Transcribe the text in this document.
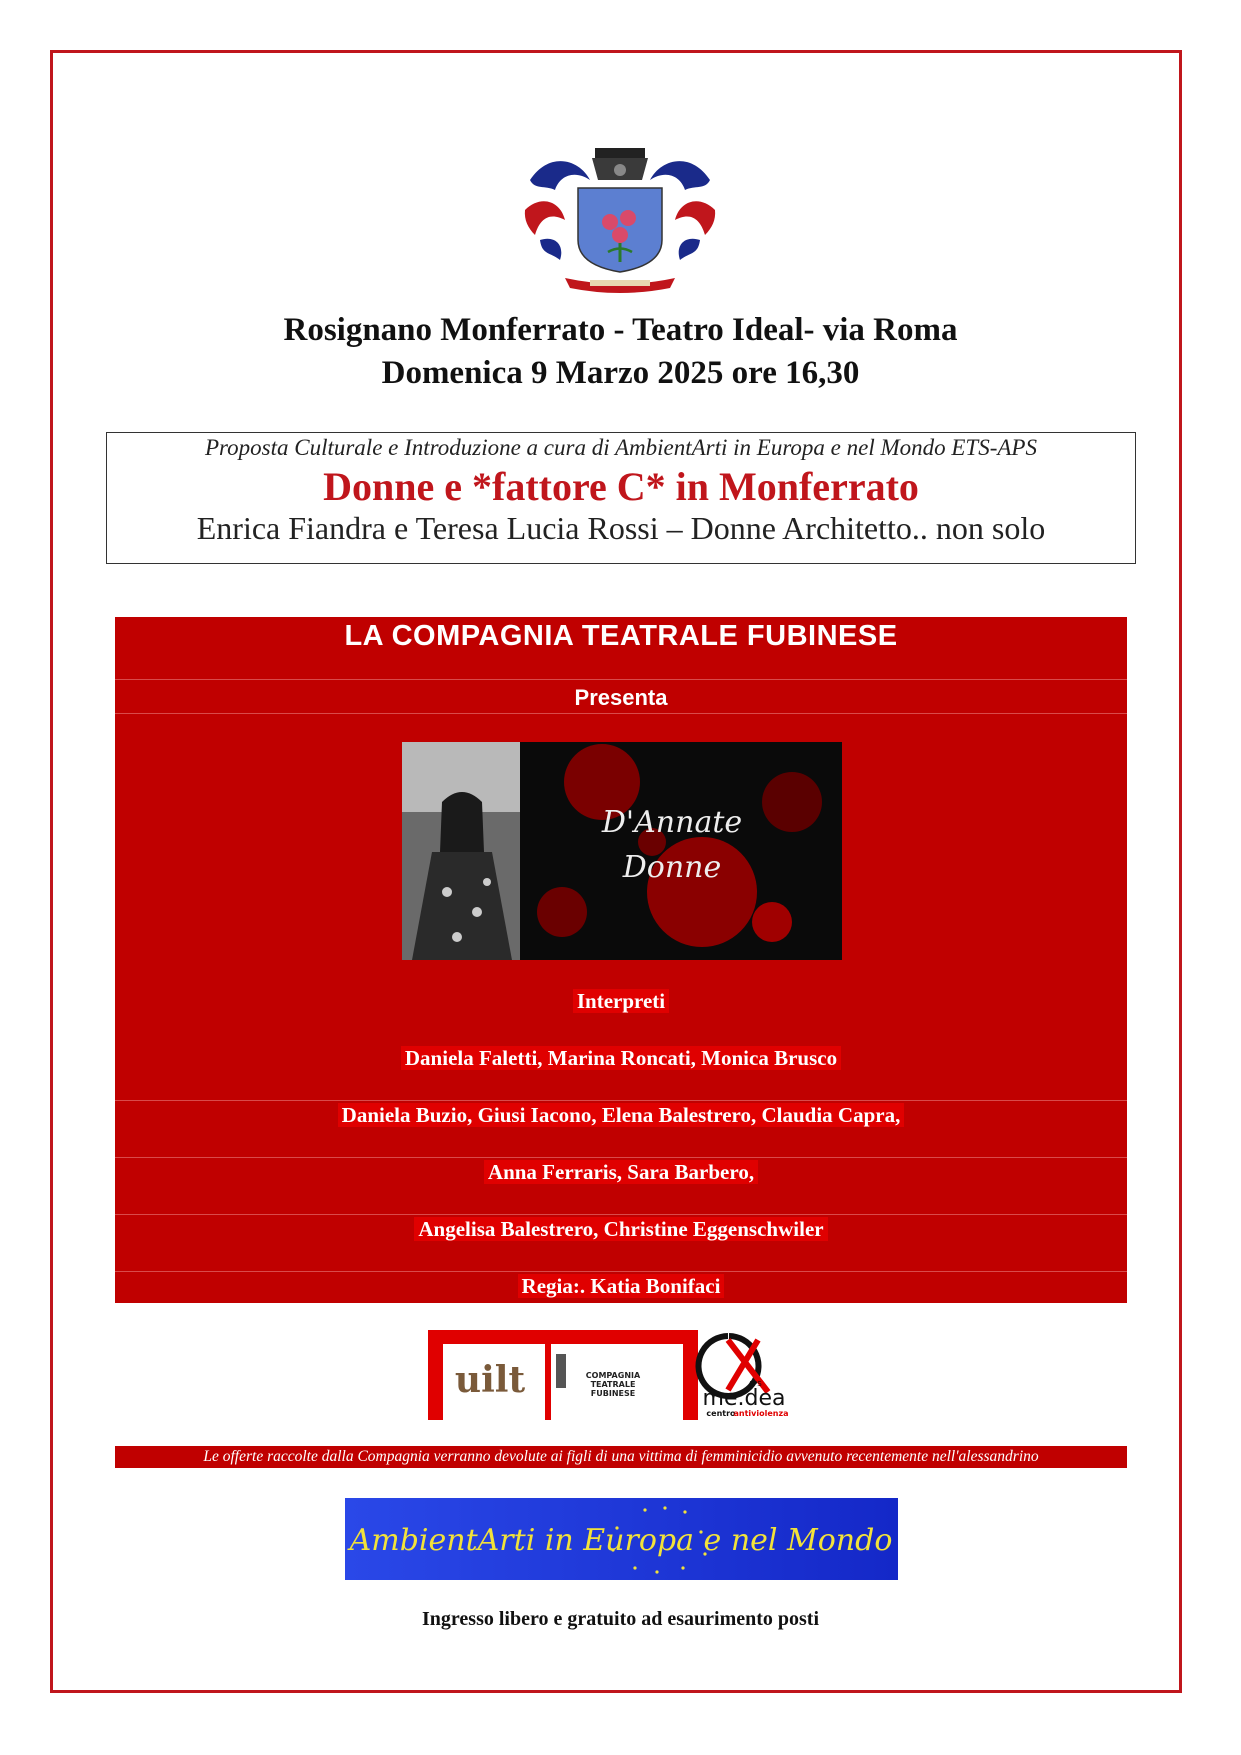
Rosignano Monferrato - Teatro Ideal- via Roma
Domenica 9 Marzo 2025 ore 16,30
Proposta Culturale e Introduzione a cura di AmbientArti in Europa e nel Mondo ETS-APS
Donne e *fattore C* in Monferrato
Enrica Fiandra e Teresa Lucia Rossi – Donne Architetto.. non solo
LA COMPAGNIA TEATRALE FUBINESE
Presenta
D'Annate
Donne
Interpreti
Daniela Faletti, Marina Roncati, Monica Brusco
Daniela Buzio, Giusi Iacono, Elena Balestrero, Claudia Capra,
Anna Ferraris, Sara Barbero,
Angelisa Balestrero, Christine Eggenschwiler
Regia:. Katia Bonifaci
uilt	COMPAGNIA
TEATRALE
FUBINESE
APS
me.dea
centro
antiviolenza
Le offerte raccolte dalla Compagnia verranno devolute ai figli di una vittima di femminicidio avvenuto recentemente nell'alessandrino
AmbientArti in Europa e nel Mondo
Ingresso libero e gratuito ad esaurimento posti
